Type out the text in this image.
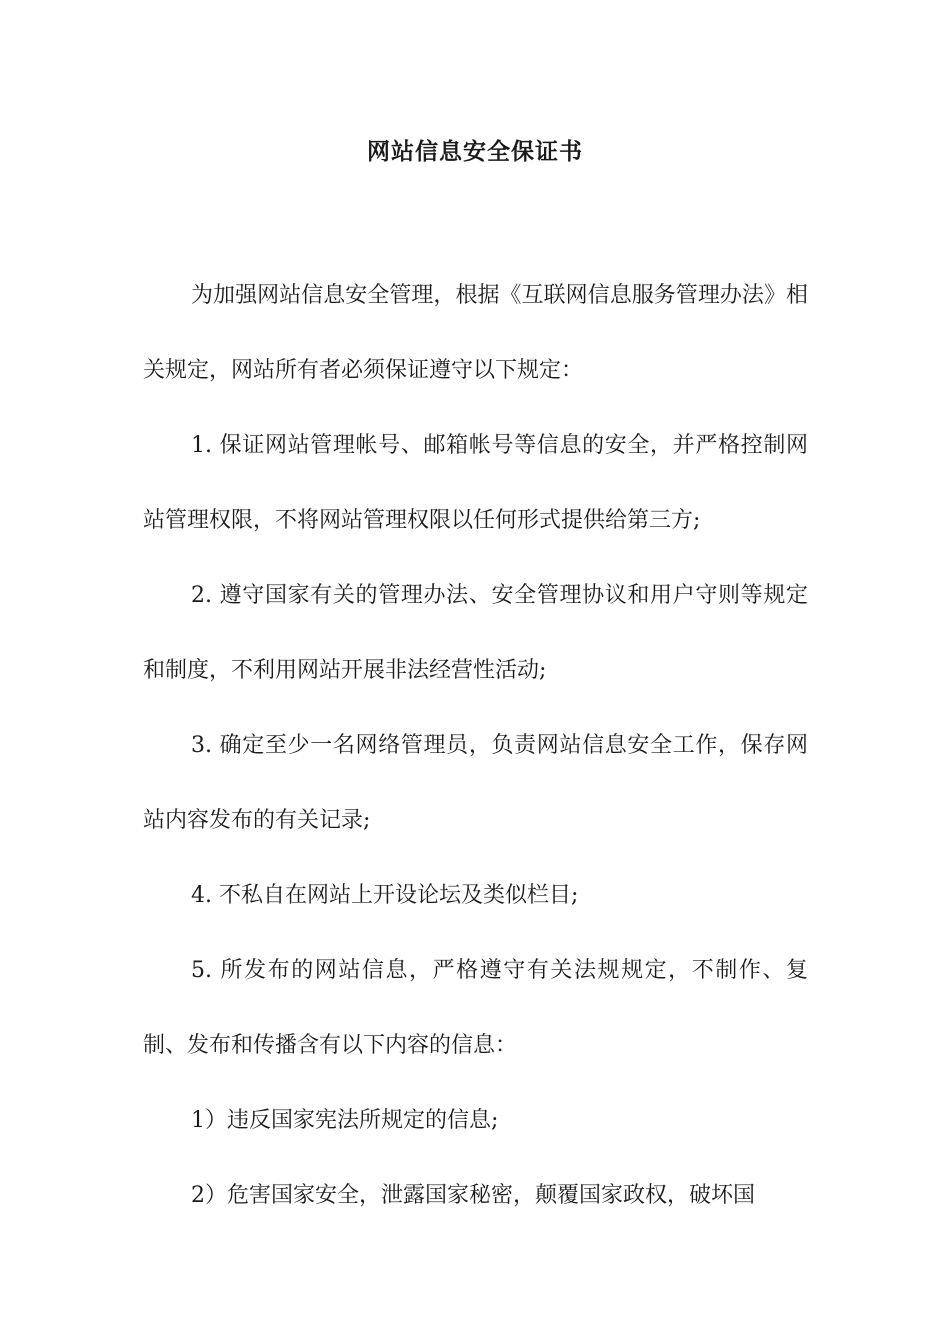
网站信息安全保证书

为加强网站信息安全管理，根据《互联网信息服务管理办法》相关规定，网站所有者必须保证遵守以下规定：

1. 保证网站管理帐号、邮箱帐号等信息的安全，并严格控制网站管理权限，不将网站管理权限以任何形式提供给第三方;

2. 遵守国家有关的管理办法、安全管理协议和用户守则等规定和制度，不利用网站开展非法经营性活动;

3. 确定至少一名网络管理员，负责网站信息安全工作，保存网站内容发布的有关记录;

4. 不私自在网站上开设论坛及类似栏目;

5. 所发布的网站信息，严格遵守有关法规规定，不制作、复制、发布和传播含有以下内容的信息：

1）违反国家宪法所规定的信息;

2）危害国家安全，泄露国家秘密，颠覆国家政权，破坏国
